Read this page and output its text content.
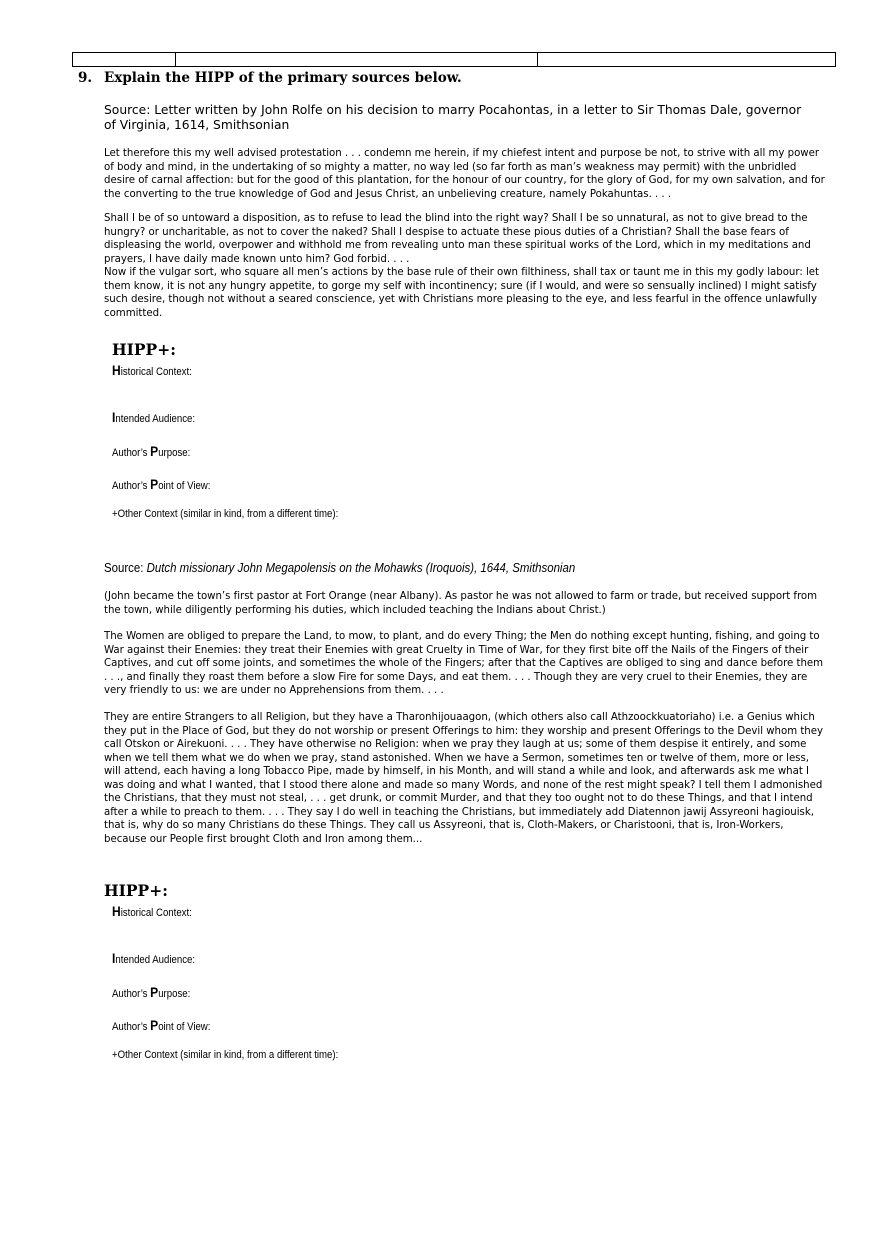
9. Explain the HIPP of the primary sources below.
Source: Letter written by John Rolfe on his decision to marry Pocahontas, in a letter to Sir Thomas Dale, governor of Virginia, 1614, Smithsonian
Let therefore this my well advised protestation . . . condemn me herein, if my chiefest intent and purpose be not, to strive with all my power of body and mind, in the undertaking of so mighty a matter, no way led (so far forth as man’s weakness may permit) with the unbridled desire of carnal affection: but for the good of this plantation, for the honour of our country, for the glory of God, for my own salvation, and for the converting to the true knowledge of God and Jesus Christ, an unbelieving creature, namely Pokahuntas. . . .
Shall I be of so untoward a disposition, as to refuse to lead the blind into the right way? Shall I be so unnatural, as not to give bread to the hungry? or uncharitable, as not to cover the naked? Shall I despise to actuate these pious duties of a Christian? Shall the base fears of displeasing the world, overpower and withhold me from revealing unto man these spiritual works of the Lord, which in my meditations and prayers, I have daily made known unto him? God forbid. . . .
Now if the vulgar sort, who square all men’s actions by the base rule of their own filthiness, shall tax or taunt me in this my godly labour: let them know, it is not any hungry appetite, to gorge my self with incontinency; sure (if I would, and were so sensually inclined) I might satisfy such desire, though not without a seared conscience, yet with Christians more pleasing to the eye, and less fearful in the offence unlawfully committed.
HIPP+:
Historical Context:
Intended Audience:
Author’s Purpose:
Author’s Point of View:
+Other Context (similar in kind, from a different time):
Source: Dutch missionary John Megapolensis on the Mohawks (Iroquois), 1644, Smithsonian
(John became the town’s first pastor at Fort Orange (near Albany). As pastor he was not allowed to farm or trade, but received support from the town, while diligently performing his duties, which included teaching the Indians about Christ.)
The Women are obliged to prepare the Land, to mow, to plant, and do every Thing; the Men do nothing except hunting, fishing, and going to War against their Enemies: they treat their Enemies with great Cruelty in Time of War, for they first bite off the Nails of the Fingers of their Captives, and cut off some joints, and sometimes the whole of the Fingers; after that the Captives are obliged to sing and dance before them . . ., and finally they roast them before a slow Fire for some Days, and eat them. . . . Though they are very cruel to their Enemies, they are very friendly to us: we are under no Apprehensions from them. . . .
They are entire Strangers to all Religion, but they have a Tharonhijouaagon, (which others also call Athzoockkuatoriaho) i.e. a Genius which they put in the Place of God, but they do not worship or present Offerings to him: they worship and present Offerings to the Devil whom they call Otskon or Airekuoni. . . . They have otherwise no Religion: when we pray they laugh at us; some of them despise it entirely, and some when we tell them what we do when we pray, stand astonished. When we have a Sermon, sometimes ten or twelve of them, more or less, will attend, each having a long Tobacco Pipe, made by himself, in his Month, and will stand a while and look, and afterwards ask me what I was doing and what I wanted, that I stood there alone and made so many Words, and none of the rest might speak? I tell them I admonished the Christians, that they must not steal, . . . get drunk, or commit Murder, and that they too ought not to do these Things, and that I intend after a while to preach to them. . . . They say I do well in teaching the Christians, but immediately add Diatennon jawij Assyreoni hagiouisk, that is, why do so many Christians do these Things. They call us Assyreoni, that is, Cloth-Makers, or Charistooni, that is, Iron-Workers, because our People first brought Cloth and Iron among them...
HIPP+:
Historical Context:
Intended Audience:
Author’s Purpose:
Author’s Point of View:
+Other Context (similar in kind, from a different time):
